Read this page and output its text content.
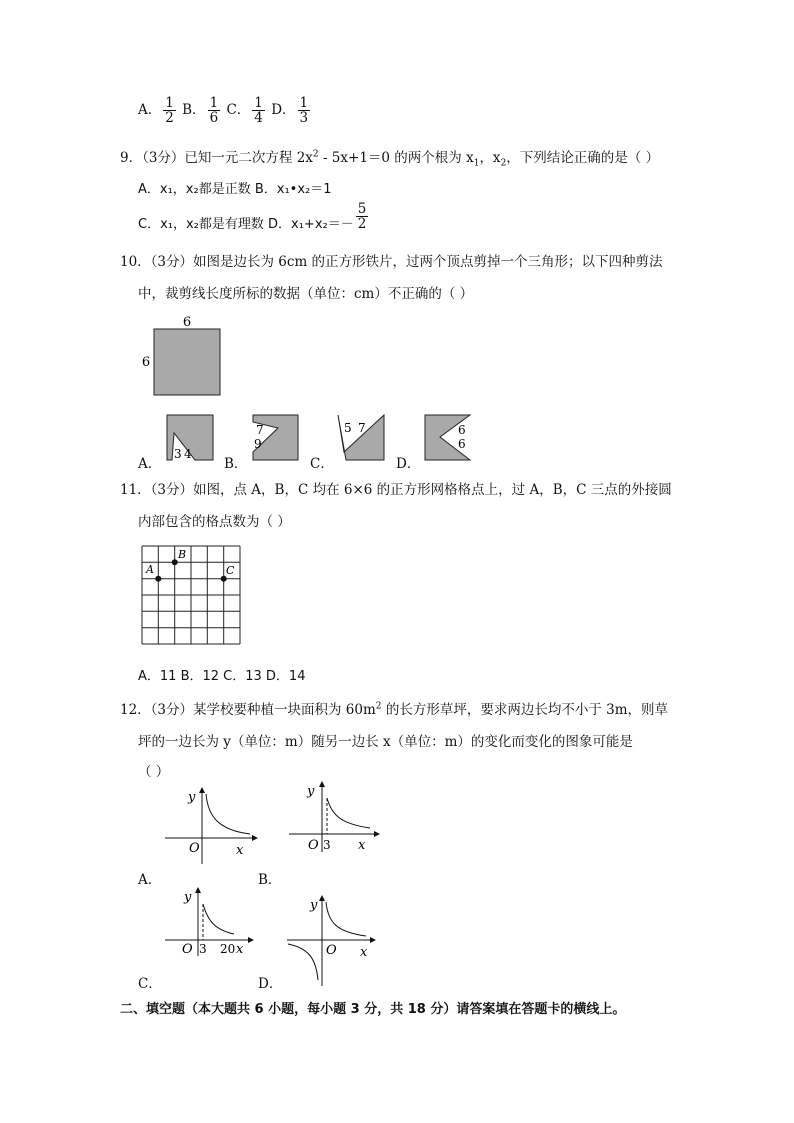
A． $\frac{1}{2}$ B． $\frac{1}{6}$ C． $\frac{1}{4}$ D． $\frac{1}{3}$
9．（3分）已知一元二次方程 $2x^2 - 5x+1=0$ 的两个根为 $x_1$，$x_2$，下列结论正确的是（ ）
A．x₁，x₂都是正数 B．x₁•x₂＝1
C．x₁，x₂都是有理数 D．$x_1+x_2=- \frac{5}{2}$
10．（3分）如图是边长为 6cm 的正方形铁片，过两个顶点剪掉一个三角形；以下四种剪法
中，裁剪线长度所标的数据（单位：cm）不正确的（ ）
6
6
A．
3 4
B．
7
9
C．
5 7
D．
6
6
11．（3分）如图，点 A，B，C 均在 6×6 的正方形网格格点上，过 A，B，C 三点的外接圆
内部包含的格点数为（ ）
A
B
C
A．11 B．12 C．13 D．14
12．（3分）某学校要种植一块面积为 $60m^2$ 的长方形草坪，要求两边长均不小于 3m，则草
坪的一边长为 y（单位：m）随另一边长 x（单位：m）的变化而变化的图象可能是
（ ）
y
O	x
A．
y
O 3 x
B．
y
O 3 20 x
C．
y
O x
D．
二、填空题（本大题共 6 小题，每小题 3 分，共 18 分）请答案填在答题卡的横线上。
